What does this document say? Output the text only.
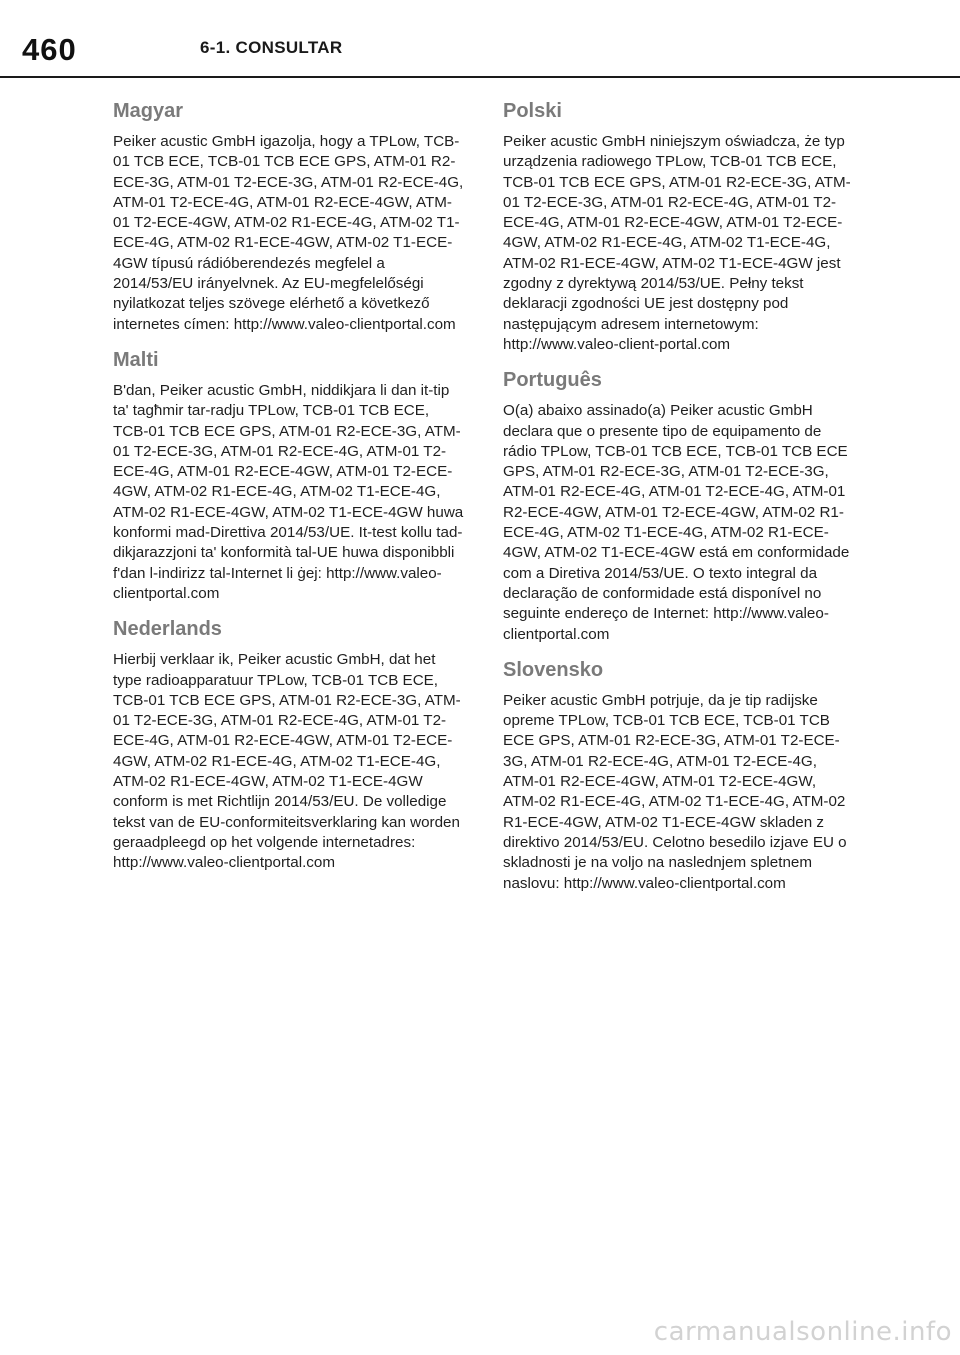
460	6-1. CONSULTAR
Magyar

Peiker acustic GmbH igazolja, hogy a TPLow, TCB-01 TCB ECE, TCB-01 TCB ECE GPS, ATM-01 R2-ECE-3G, ATM-01 T2-ECE-3G, ATM-01 R2-ECE-4G, ATM-01 T2-ECE-4G, ATM-01 R2-ECE-4GW, ATM-01 T2-ECE-4GW, ATM-02 R1-ECE-4G, ATM-02 T1-ECE-4G, ATM-02 R1-ECE-4GW, ATM-02 T1-ECE-4GW típusú rádióberendezés megfelel a 2014/53/EU irányelvnek. Az EU-megfelelőségi nyilatkozat teljes szövege elérhető a következő internetes címen: http://www.valeo-clientportal.com

Malti

B'dan, Peiker acustic GmbH, niddikjara li dan it-tip ta' tagħmir tar-radju TPLow, TCB-01 TCB ECE, TCB-01 TCB ECE GPS, ATM-01 R2-ECE-3G, ATM-01 T2-ECE-3G, ATM-01 R2-ECE-4G, ATM-01 T2-ECE-4G, ATM-01 R2-ECE-4GW, ATM-01 T2-ECE-4GW, ATM-02 R1-ECE-4G, ATM-02 T1-ECE-4G, ATM-02 R1-ECE-4GW, ATM-02 T1-ECE-4GW huwa konformi mad-Direttiva 2014/53/UE. It-test kollu tad-dikjarazzjoni ta' konformità tal-UE huwa disponibbli f'dan l-indirizz tal-Internet li ġej: http://www.valeo-clientportal.com

Nederlands

Hierbij verklaar ik, Peiker acustic GmbH, dat het type radioapparatuur TPLow, TCB-01 TCB ECE, TCB-01 TCB ECE GPS, ATM-01 R2-ECE-3G, ATM-01 T2-ECE-3G, ATM-01 R2-ECE-4G, ATM-01 T2-ECE-4G, ATM-01 R2-ECE-4GW, ATM-01 T2-ECE-4GW, ATM-02 R1-ECE-4G, ATM-02 T1-ECE-4G, ATM-02 R1-ECE-4GW, ATM-02 T1-ECE-4GW conform is met Richtlijn 2014/53/EU. De volledige tekst van de EU-conformiteitsverklaring kan worden geraadpleegd op het volgende internetadres: http://www.valeo-clientportal.com

Polski

Peiker acustic GmbH niniejszym oświadcza, że typ urządzenia radiowego TPLow, TCB-01 TCB ECE, TCB-01 TCB ECE GPS, ATM-01 R2-ECE-3G, ATM-01 T2-ECE-3G, ATM-01 R2-ECE-4G, ATM-01 T2-ECE-4G, ATM-01 R2-ECE-4GW, ATM-01 T2-ECE-4GW, ATM-02 R1-ECE-4G, ATM-02 T1-ECE-4G, ATM-02 R1-ECE-4GW, ATM-02 T1-ECE-4GW jest zgodny z dyrektywą 2014/53/UE. Pełny tekst deklaracji zgodności UE jest dostępny pod następującym adresem internetowym: http://www.valeo-client-portal.com

Português

O(a) abaixo assinado(a) Peiker acustic GmbH declara que o presente tipo de equipamento de rádio TPLow, TCB-01 TCB ECE, TCB-01 TCB ECE GPS, ATM-01 R2-ECE-3G, ATM-01 T2-ECE-3G, ATM-01 R2-ECE-4G, ATM-01 T2-ECE-4G, ATM-01 R2-ECE-4GW, ATM-01 T2-ECE-4GW, ATM-02 R1-ECE-4G, ATM-02 T1-ECE-4G, ATM-02 R1-ECE-4GW, ATM-02 T1-ECE-4GW está em conformidade com a Diretiva 2014/53/UE. O texto integral da declaração de conformidade está disponível no seguinte endereço de Internet: http://www.valeo-clientportal.com

Slovensko

Peiker acustic GmbH potrjuje, da je tip radijske opreme TPLow, TCB-01 TCB ECE, TCB-01 TCB ECE GPS, ATM-01 R2-ECE-3G, ATM-01 T2-ECE-3G, ATM-01 R2-ECE-4G, ATM-01 T2-ECE-4G, ATM-01 R2-ECE-4GW, ATM-01 T2-ECE-4GW, ATM-02 R1-ECE-4G, ATM-02 T1-ECE-4G, ATM-02 R1-ECE-4GW, ATM-02 T1-ECE-4GW skladen z direktivo 2014/53/EU. Celotno besedilo izjave EU o skladnosti je na voljo na naslednjem spletnem naslovu: http://www.valeo-clientportal.com

carmanualsonline.info
